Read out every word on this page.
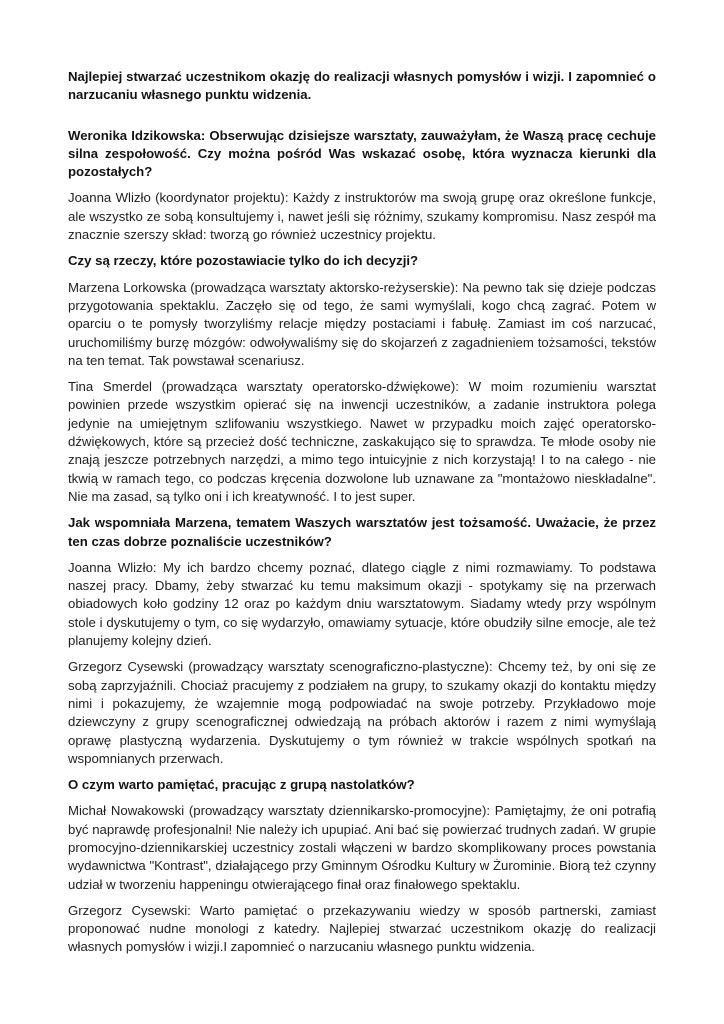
Najlepiej stwarzać uczestnikom okazję do realizacji własnych pomysłów i wizji. I zapomnieć o narzucaniu własnego punktu widzenia.

Weronika Idzikowska: Obserwując dzisiejsze warsztaty, zauważyłam, że Waszą pracę cechuje silna zespołowość. Czy można pośród Was wskazać osobę, która wyznacza kierunki dla pozostałych?

Joanna Wlizło (koordynator projektu): Każdy z instruktorów ma swoją grupę oraz określone funkcje, ale wszystko ze sobą konsultujemy i, nawet jeśli się różnimy, szukamy kompromisu. Nasz zespół ma znacznie szerszy skład: tworzą go również uczestnicy projektu.

Czy są rzeczy, które pozostawiacie tylko do ich decyzji?

Marzena Lorkowska (prowadząca warsztaty aktorsko-reżyserskie): Na pewno tak się dzieje podczas przygotowania spektaklu. Zaczęło się od tego, że sami wymyślali, kogo chcą zagrać. Potem w oparciu o te pomysły tworzyliśmy relacje między postaciami i fabułę. Zamiast im coś narzucać, uruchomiliśmy burzę mózgów: odwoływaliśmy się do skojarzeń z zagadnieniem tożsamości, tekstów na ten temat. Tak powstawał scenariusz.

Tina Smerdel (prowadząca warsztaty operatorsko-dźwiękowe): W moim rozumieniu warsztat powinien przede wszystkim opierać się na inwencji uczestników, a zadanie instruktora polega jedynie na umiejętnym szlifowaniu wszystkiego. Nawet w przypadku moich zajęć operatorsko-dźwiękowych, które są przecież dość techniczne, zaskakująco się to sprawdza. Te młode osoby nie znają jeszcze potrzebnych narzędzi, a mimo tego intuicyjnie z nich korzystają! I to na całego - nie tkwią w ramach tego, co podczas kręcenia dozwolone lub uznawane za "montażowo nieskładalne". Nie ma zasad, są tylko oni i ich kreatywność. I to jest super.

Jak wspomniała Marzena, tematem Waszych warsztatów jest tożsamość. Uważacie, że przez ten czas dobrze poznaliście uczestników?

Joanna Wlizło: My ich bardzo chcemy poznać, dlatego ciągle z nimi rozmawiamy. To podstawa naszej pracy. Dbamy, żeby stwarzać ku temu maksimum okazji - spotykamy się na przerwach obiadowych koło godziny 12 oraz po każdym dniu warsztatowym. Siadamy wtedy przy wspólnym stole i dyskutujemy o tym, co się wydarzyło, omawiamy sytuacje, które obudziły silne emocje, ale też planujemy kolejny dzień.

Grzegorz Cysewski (prowadzący warsztaty scenograficzno-plastyczne): Chcemy też, by oni się ze sobą zaprzyjaźnili. Chociaż pracujemy z podziałem na grupy, to szukamy okazji do kontaktu między nimi i pokazujemy, że wzajemnie mogą podpowiadać na swoje potrzeby. Przykładowo moje dziewczyny z grupy scenograficznej odwiedzają na próbach aktorów i razem z nimi wymyślają oprawę plastyczną wydarzenia. Dyskutujemy o tym również w trakcie wspólnych spotkań na wspomnianych przerwach.

O czym warto pamiętać, pracując z grupą nastolatków?

Michał Nowakowski (prowadzący warsztaty dziennikarsko-promocyjne): Pamiętajmy, że oni potrafią być naprawdę profesjonalni! Nie należy ich upupiać. Ani bać się powierzać trudnych zadań. W grupie promocyjno-dziennikarskiej uczestnicy zostali włączeni w bardzo skomplikowany proces powstania wydawnictwa "Kontrast", działającego przy Gminnym Ośrodku Kultury w Żurominie. Biorą też czynny udział w tworzeniu happeningu otwierającego finał oraz finałowego spektaklu.

Grzegorz Cysewski: Warto pamiętać o przekazywaniu wiedzy w sposób partnerski, zamiast proponować nudne monologi z katedry. Najlepiej stwarzać uczestnikom okazję do realizacji własnych pomysłów i wizji.I zapomnieć o narzucaniu własnego punktu widzenia.
